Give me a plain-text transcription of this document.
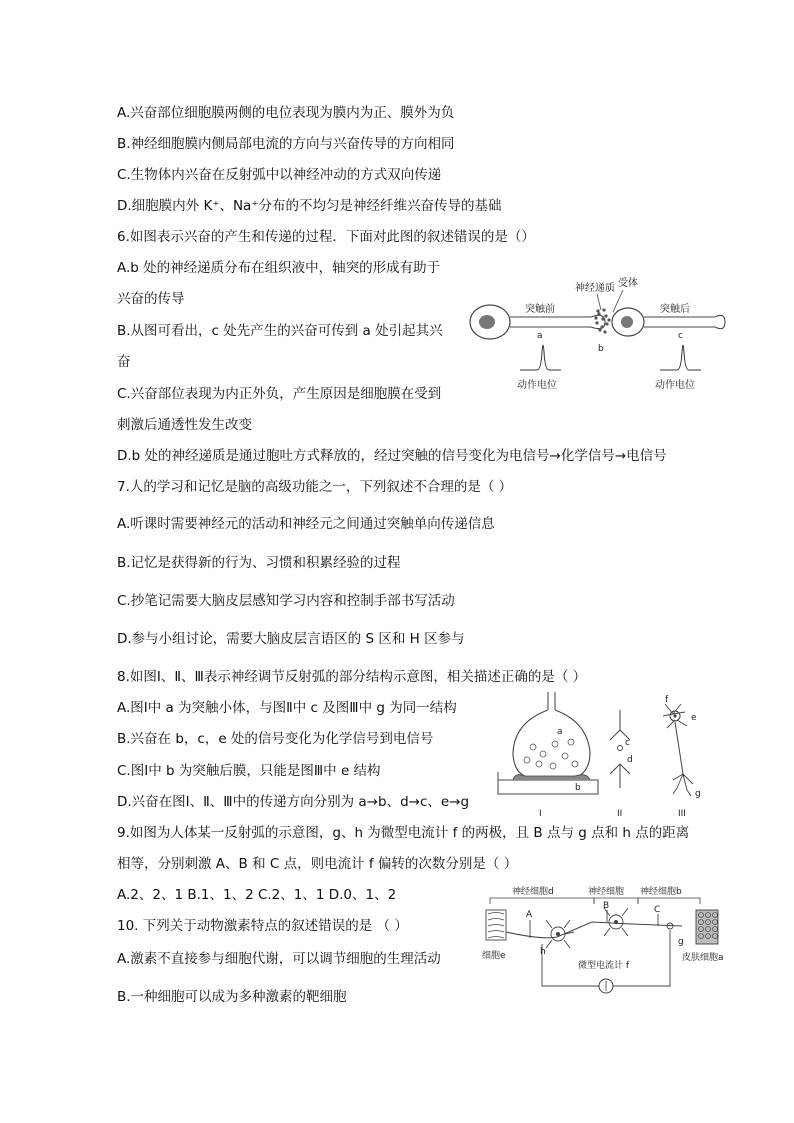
A.兴奋部位细胞膜两侧的电位表现为膜内为正、膜外为负
B.神经细胞膜内侧局部电流的方向与兴奋传导的方向相同
C.生物体内兴奋在反射弧中以神经冲动的方式双向传递
D.细胞膜内外 K⁺、Na⁺分布的不均匀是神经纤维兴奋传导的基础
6.如图表示兴奋的产生和传递的过程．下面对此图的叙述错误的是（）
A.b 处的神经递质分布在组织液中，轴突的形成有助于
兴奋的传导
B.从图可看出，c 处先产生的兴奋可传到 a 处引起其兴
奋
C.兴奋部位表现为内正外负，产生原因是细胞膜在受到
刺激后通透性发生改变
D.b 处的神经递质是通过胞吐方式释放的，经过突触的信号变化为电信号→化学信号→电信号
7.人的学习和记忆是脑的高级功能之一，下列叙述不合理的是（ ）
A.听课时需要神经元的活动和神经元之间通过突触单向传递信息
B.记忆是获得新的行为、习惯和积累经验的过程
C.抄笔记需要大脑皮层感知学习内容和控制手部书写活动
D.参与小组讨论，需要大脑皮层言语区的 S 区和 H 区参与
8.如图Ⅰ、Ⅱ、Ⅲ表示神经调节反射弧的部分结构示意图，相关描述正确的是（ ）
A.图Ⅰ中 a 为突触小体，与图Ⅱ中 c 及图Ⅲ中 g 为同一结构
B.兴奋在 b，c，e 处的信号变化为化学信号到电信号
C.图Ⅰ中 b 为突触后膜，只能是图Ⅲ中 e 结构
D.兴奋在图Ⅰ、Ⅱ、Ⅲ中的传递方向分别为 a→b、d→c、e→g
9.如图为人体某一反射弧的示意图，g、h 为微型电流计 f 的两极，且 B 点与 g 点和 h 点的距离
相等，分别刺激 A、B 和 C 点，则电流计 f 偏转的次数分别是（ ）
A.2、2、1 B.1、1、2 C.2、1、1 D.0、1、2
10. 下列关于动物激素特点的叙述错误的是 （ ）
A.激素不直接参与细胞代谢，可以调节细胞的生理活动
B.一种细胞可以成为多种激素的靶细胞
神经递质 受体
突触前	突触后
a
b
c
动作电位	动作电位
a
b
I
c
d
II
e
f
g
III
神经细胞d	神经细胞 神经细胞b
细胞e
A
B	C
h
g
皮肤细胞a
微型电流计 f
